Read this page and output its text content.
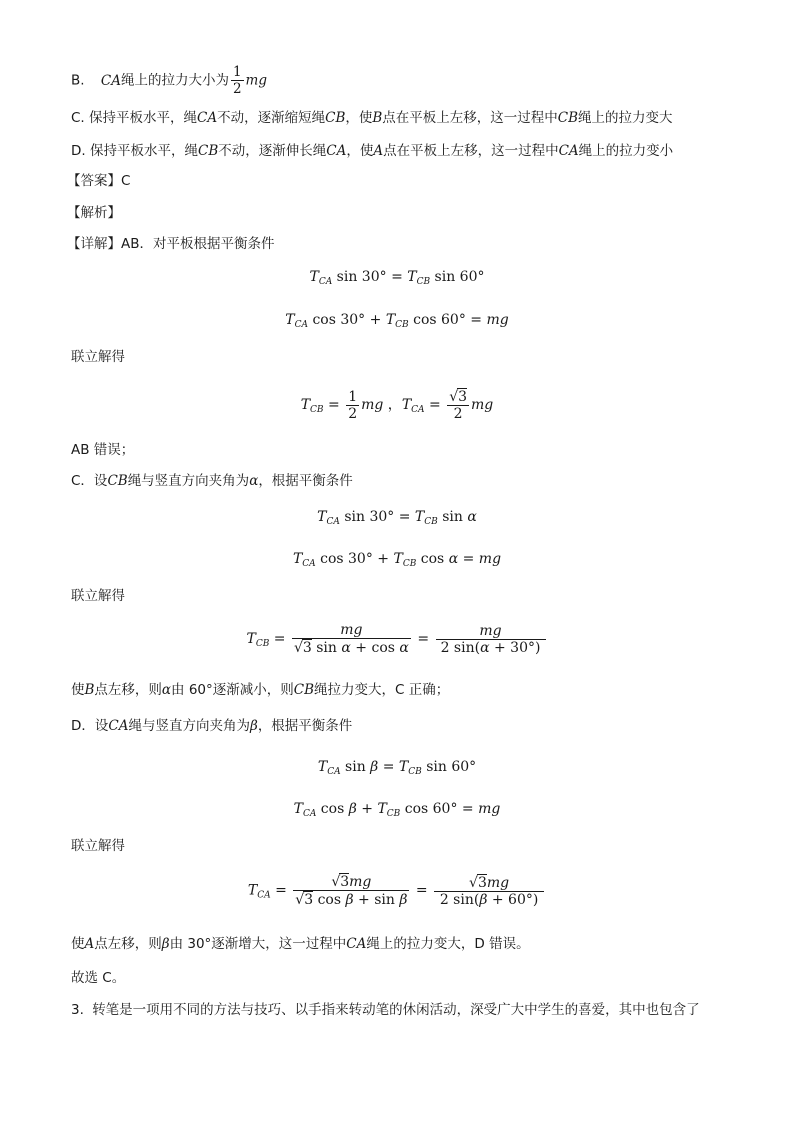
B. CA绳上的拉力大小为 $\frac{1}{2}$ mg
C. 保持平板水平，绳CA不动，逐渐缩短绳CB，使B点在平板上左移，这一过程中CB绳上的拉力变大
D. 保持平板水平，绳CB不动，逐渐伸长绳CA，使A点在平板上左移，这一过程中CA绳上的拉力变小
【答案】C
【解析】
【详解】AB．对平板根据平衡条件
$T_{CA}$ $\sin 30^\circ = T_{CB}$ sin 60°
$T_{CA}$ $\cos 30^\circ + T_{CB}$ cos 60° = mg
联立解得
$T_{CB} = \frac{1}{2}$ mg ，$T_{CA} = \frac{√3}{2}$ mg
AB 错误；
C．设CB绳与竖直方向夹角为α，根据平衡条件
$T_{CA}$ $\sin 30^\circ = T_{CB}$ sin α
$T_{CA}$ $\cos 30^\circ + T_{CB}$ cos α = mg
联立解得
$T_{CB} = \frac{mg}{\text{√3 sin α + cos α}} = \frac{mg}{2 \sin(\alpha + 30^\circ)}$
使B点左移，则α由 60°逐渐减小，则CB绳拉力变大，C 正确；
D．设CA绳与竖直方向夹角为β，根据平衡条件
$T_{CA}$ $\sin \beta = T_{CB}$ sin 60°
$T_{CA}$ $\cos \beta + T_{CB}$ cos 60° = mg
联立解得
$T_{CA} = \frac{√3mg}{\text{√3 cos β + sin β}} = \frac{√3mg}{2 \sin(\beta + 60^\circ)}$
使A点左移，则β由 30°逐渐增大，这一过程中CA绳上的拉力变大，D 错误。
故选 C。
3. 转笔是一项用不同的方法与技巧、以手指来转动笔的休闲活动，深受广大中学生的喜爱，其中也包含了
